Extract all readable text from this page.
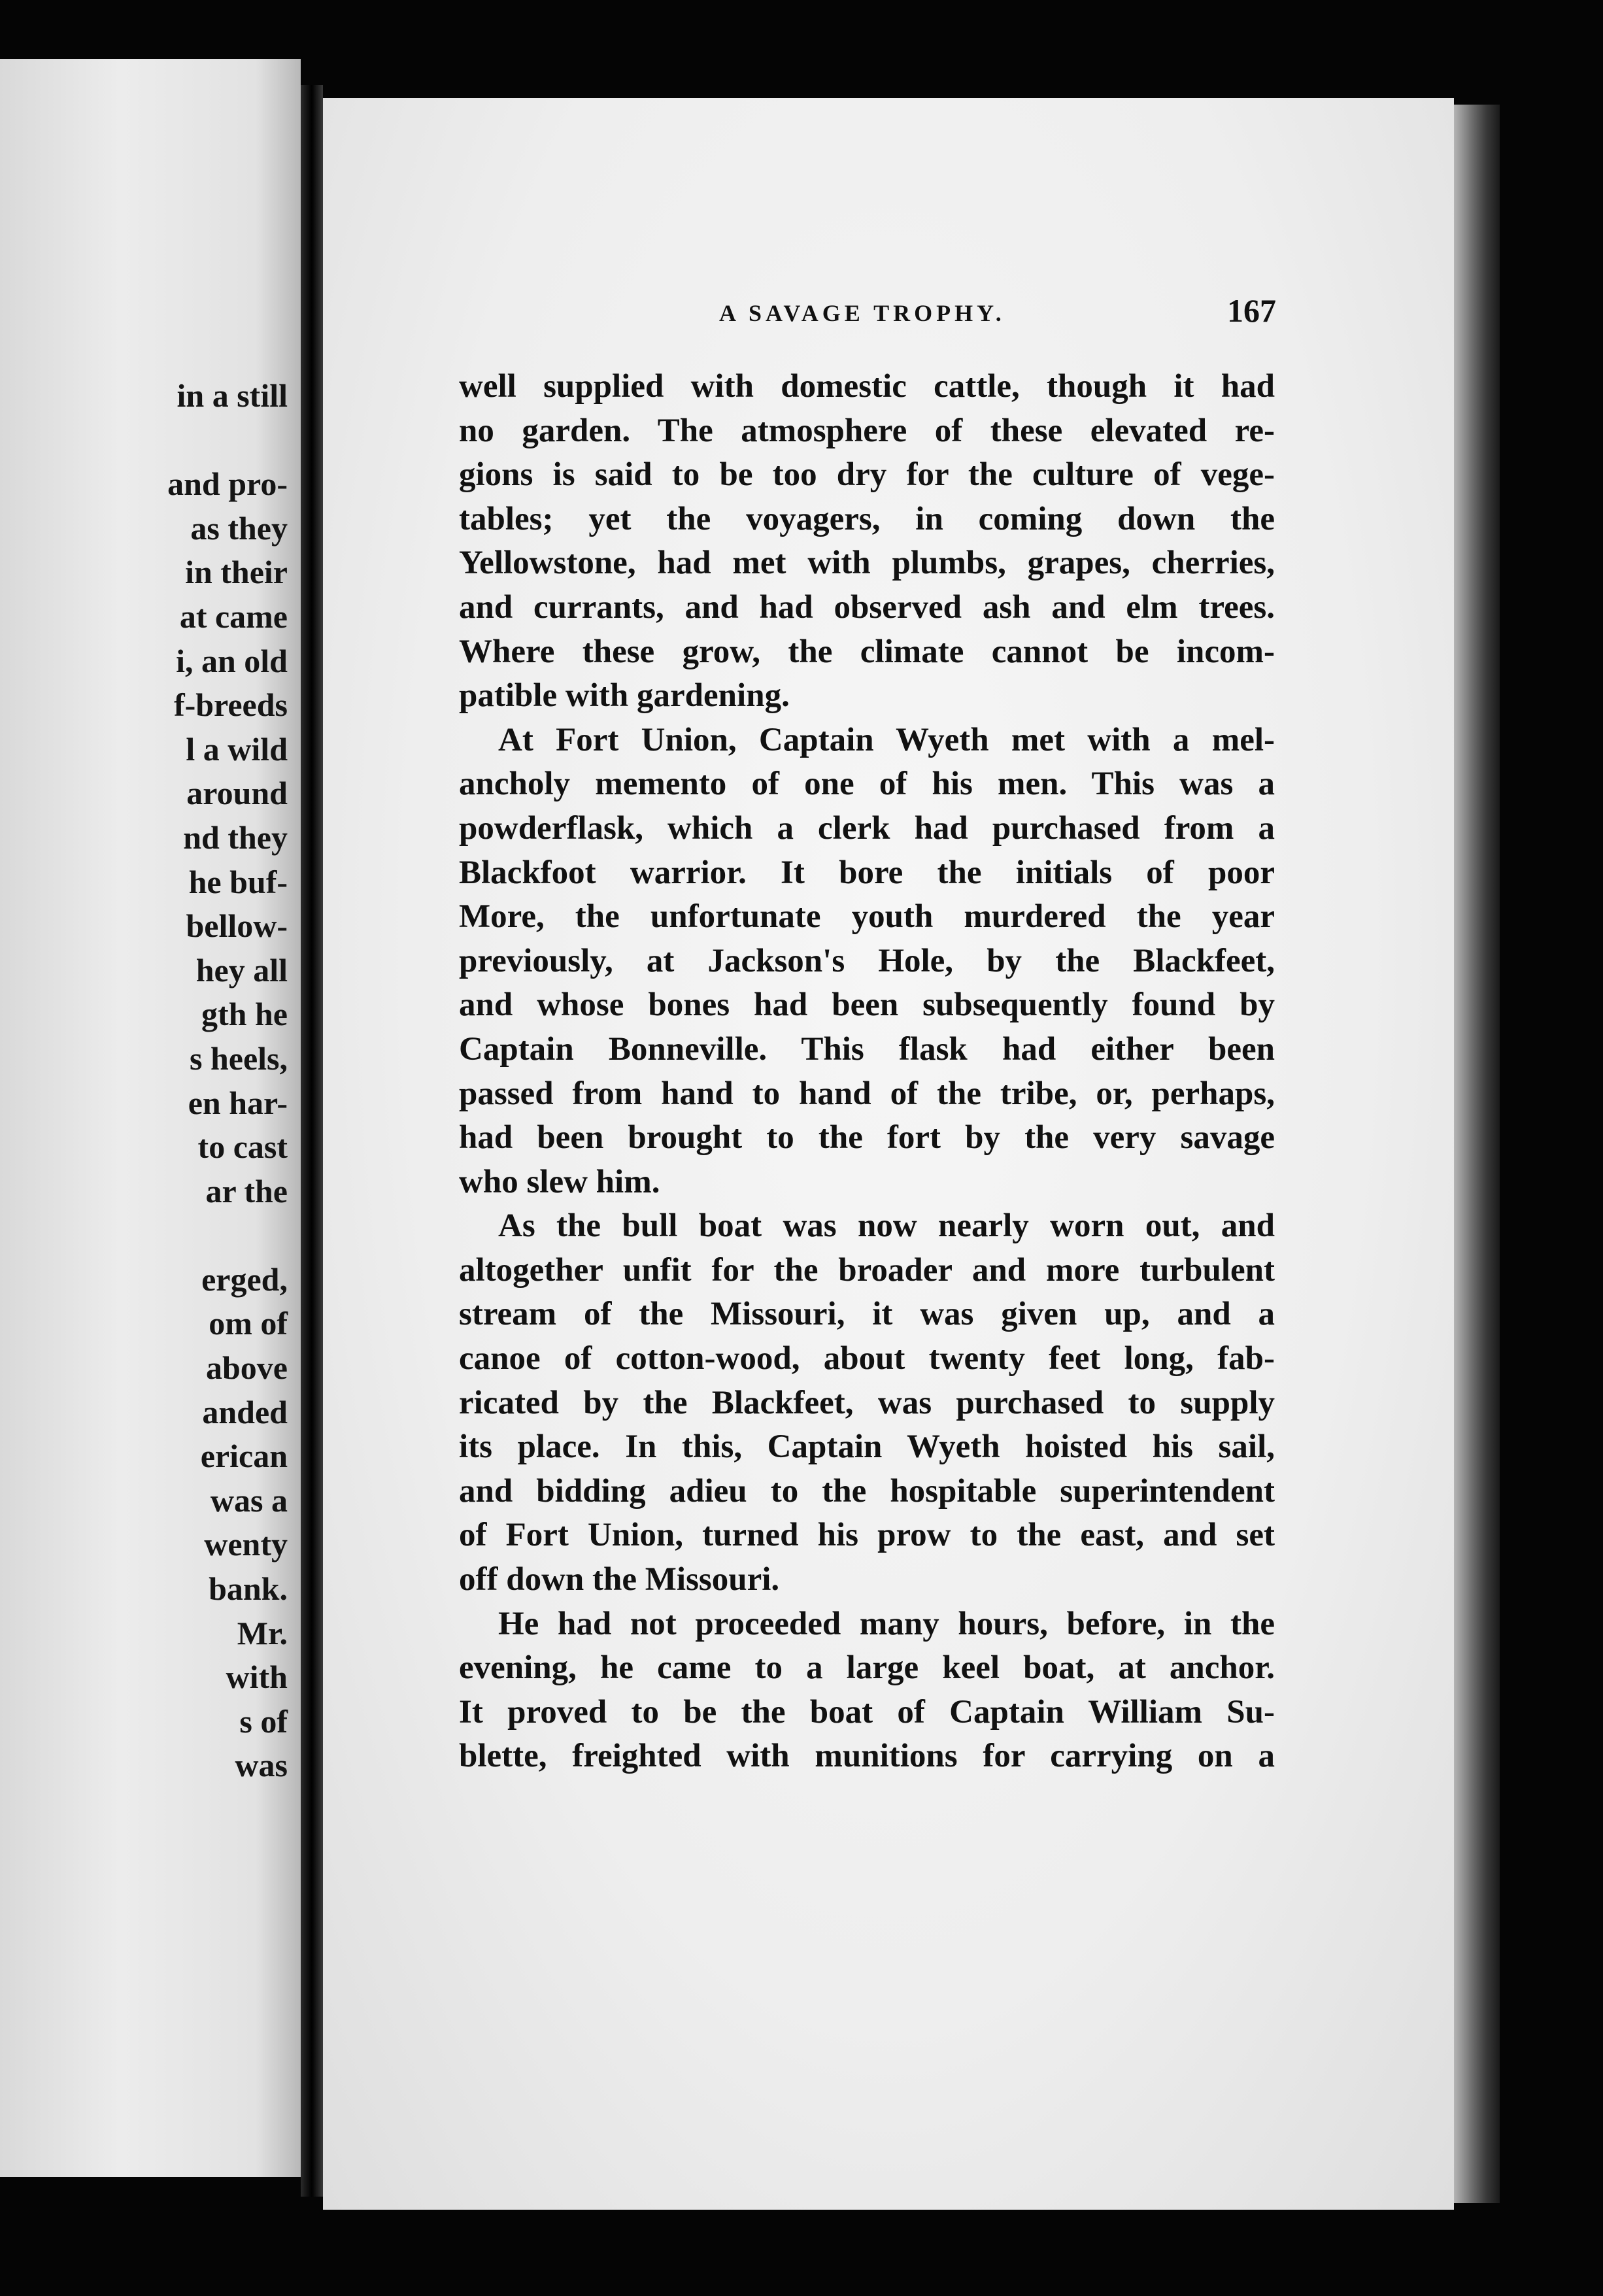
in a still
and pro-
as they
in their
at came
i, an old
f-breeds
l a wild
around
nd they
he buf-
bellow-
hey all
gth he
s heels,
en har-
to cast
ar the
erged,
om of
above
anded
erican
was a
wenty
bank.
Mr.
with
s of
was
A SAVAGE TROPHY.	167
well supplied with domestic cattle, though it had
no garden. The atmosphere of these elevated re-
gions is said to be too dry for the culture of vege-
tables; yet the voyagers, in coming down the
Yellowstone, had met with plumbs, grapes, cherries,
and currants, and had observed ash and elm trees.
Where these grow, the climate cannot be incom-
patible with gardening.
At Fort Union, Captain Wyeth met with a mel-
ancholy memento of one of his men. This was a
powderflask, which a clerk had purchased from a
Blackfoot warrior. It bore the initials of poor
More, the unfortunate youth murdered the year
previously, at Jackson's Hole, by the Blackfeet,
and whose bones had been subsequently found by
Captain Bonneville. This flask had either been
passed from hand to hand of the tribe, or, perhaps,
had been brought to the fort by the very savage
who slew him.
As the bull boat was now nearly worn out, and
altogether unfit for the broader and more turbulent
stream of the Missouri, it was given up, and a
canoe of cotton-wood, about twenty feet long, fab-
ricated by the Blackfeet, was purchased to supply
its place. In this, Captain Wyeth hoisted his sail,
and bidding adieu to the hospitable superintendent
of Fort Union, turned his prow to the east, and set
off down the Missouri.
He had not proceeded many hours, before, in the
evening, he came to a large keel boat, at anchor.
It proved to be the boat of Captain William Su-
blette, freighted with munitions for carrying on a
